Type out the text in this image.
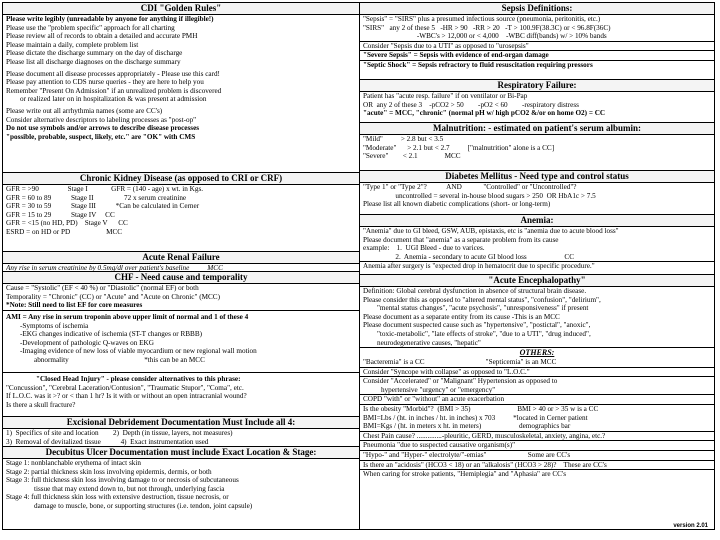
CDI "Golden Rules"
Please write legibly (unreadable by anyone for anything if illegible!)
Please use the "problem specific" approach for all charting
Please review all of records to obtain a detailed and accurate PMH
Please maintain a daily, complete problem list
Please dictate the discharge summary on the day of discharge
Please list all discharge diagnoses on the discharge summary
Please document all disease processes appropriately - Please use this card!
Please pay attention to CDS nurse queries - they are here to help you
Remember "Present On Admission" if an unrealized problem is discovered
or realized later on in hospitalization & was present at admission
Please write out all arrhythmia names (some are CC's)
Consider alternative descriptors to labeling processes as "post-op"
Do not use symbols and/or arrows to describe disease processes
"possible, probable, suspect, likely, etc." are "OK" with CMS
Chronic Kidney Disease (as opposed to CRI or CRF)
GFR = >90                Stage I             GFR = (140 - age) x wt. in Kgs.
GFR = 60 to 89           Stage II                 72 x serum creatinine
GFR = 30 to 59           Stage III           *Can be calculated in Cerner
GFR = 15 to 29           Stage IV     CC
GFR = <15 (no HD, PD)    Stage V      CC
ESRD = on HD or PD                    MCC
Acute Renal Failure
Any rise in serum creatinine by 0.5mg/dl over patient's baseline          MCC
CHF - Need cause and temporality
Cause = "Systolic" (EF < 40 %) or "Diastolic" (normal EF) or both
Temporality = "Chronic" (CC) or "Acute" and "Acute on Chronic" (MCC)
*Note: Still need to list EF for core measures
AMI = Any rise in serum troponin above upper limit of normal and 1 of these 4
-Symptoms of ischemia
-EKG changes indicative of ischemia (ST-T changes or RBBB)
-Development of pathologic Q-waves on EKG
-Imaging evidence of new loss of viable myocardium or new regional wall motion
abnormality                                          *this can be an MCC
"Closed Head Injury" - please consider alternatives to this phrase:
"Concussion", "Cerebral Laceration/Contusion", "Traumatic Stupor", "Coma", etc.
If L.O.C. was it >? or < than 1 hr? Is it with or without an open intracranial wound?
Is there a skull fracture?
Excisional Debridement Documentation Must Include all 4:
1)  Specifics of site and location        2)  Depth (in tissue, layers, not measures)
3)  Removal of devitalized tissue           4)  Exact instrumentation used
Decubitus Ulcer Documentation must include Exact Location & Stage:
Stage 1: nonblanchable erythema of intact skin
Stage 2: partial thickness skin loss involving epidermis, dermis, or both
Stage 3: full thickness skin loss involving damage to or necrosis of subcutaneous
tissue that may extend down to, but not through, underlying fascia
Stage 4: full thickness skin loss with extensive destruction, tissue necrosis, or
damage to muscle, bone, or supporting structures (i.e. tendon, joint capsule)
Sepsis Definitions:
"Sepsis" = "SIRS" plus a presumed infectious source (pneumonia, peritonitis, etc.)
"SIRS"   any 2 of these 5   -HR > 90   -RR > 20   -T > 100.9F(38.3C) or < 96.8F(36C)
-WBC's > 12,000 or < 4,000    -WBC diff(bands) w/ > 10% bands
Consider "Sepsis due to a UTI" as opposed to "urosepsis"
"Severe Sepsis" = Sepsis with evidence of end-organ damage
"Septic Shock" = Sepsis refractory to fluid resuscitation requiring pressors
Respiratory Failure:
Patient has "acute resp. failure" if on ventilator or Bi-Pap
OR  any 2 of these 3    -pCO2 > 50        -pO2 < 60        -respiratory distress
"acute" = MCC, "chronic" (normal pH w/ high pCO2 &/or on home O2) = CC
Malnutrition: - estimated on patient's serum albumin:
"Mild"          > 2.8 but < 3.5
"Moderate"      > 2.1 but < 2.7          ["malnutrition" alone is a CC]
"Severe"        < 2.1               MCC
Diabetes Mellitus - Need type and control status
"Type 1" or "Type 2"?           AND            "Controlled" or "Uncontrolled"?
uncontrolled = several in-house blood sugars > 250  OR HbA1c > 7.5
Please list all known diabetic complications (short- or long-term)
Anemia:
"Anemia" due to GI bleed, GSW, AUB, epistaxis, etc is "anemia due to acute blood loss"
Please document that "anemia" as a separate problem from its cause
example:    1.  UGI Bleed - due to varices.
2.  Anemia - secondary to acute GI blood loss                     CC
Anemia after surgery is "expected drop in hematocrit due to specific procedure."
"Acute Encephalopathy"
Definition: Global cerebral dysfunction in absence of structural brain disease.
Please consider this as opposed to "altered mental status", "confusion", "delirium",
"mental status changes", "acute psychosis", "unresponsiveness" if present
Please document as a separate entity from its cause -This is an MCC
Please document suspected cause such as "hypertensive", "postictal", "anoxic",
"toxic-metabolic", "late effects of stroke", "due to a UTI", "drug induced",
neurodegenerative causes, "hepatic"
OTHERS:
"Bacteremia" is a CC                                  "Septicemia" is an MCC
Consider "Syncope with collapse" as opposed to "L.O.C."
Consider "Accelerated" or "Malignant" Hypertension as opposed to
hypertensive "urgency" or "emergency"
COPD "with" or "without" an acute exacerbation
Is the obesity "Morbid"?  (BMI > 35)                          BMI > 40 or > 35 w is a CC
BMI=Lbs / (ht. in inches / ht. in inches) x 703          *located in Cerner patient
BMI=Kgs / (ht. in meters x ht. in meters)                     demographics bar
Chest Pain cause? ..............-pleuritic, GERD, musculoskeletal, anxiety, angina, etc.?
Pneumonia "due to suspected causative organism(s)"
"Hypo-" and "Hyper-" electrolyte/"-emias"                       Some are CC's
Is there an "acidosis" (HCO3 < 18) or an "alkalosis" (HCO3 > 28)?    These are CC's
When caring for stroke patients, "Hemiplegia" and "Aphasia" are CC's
version 2.01
